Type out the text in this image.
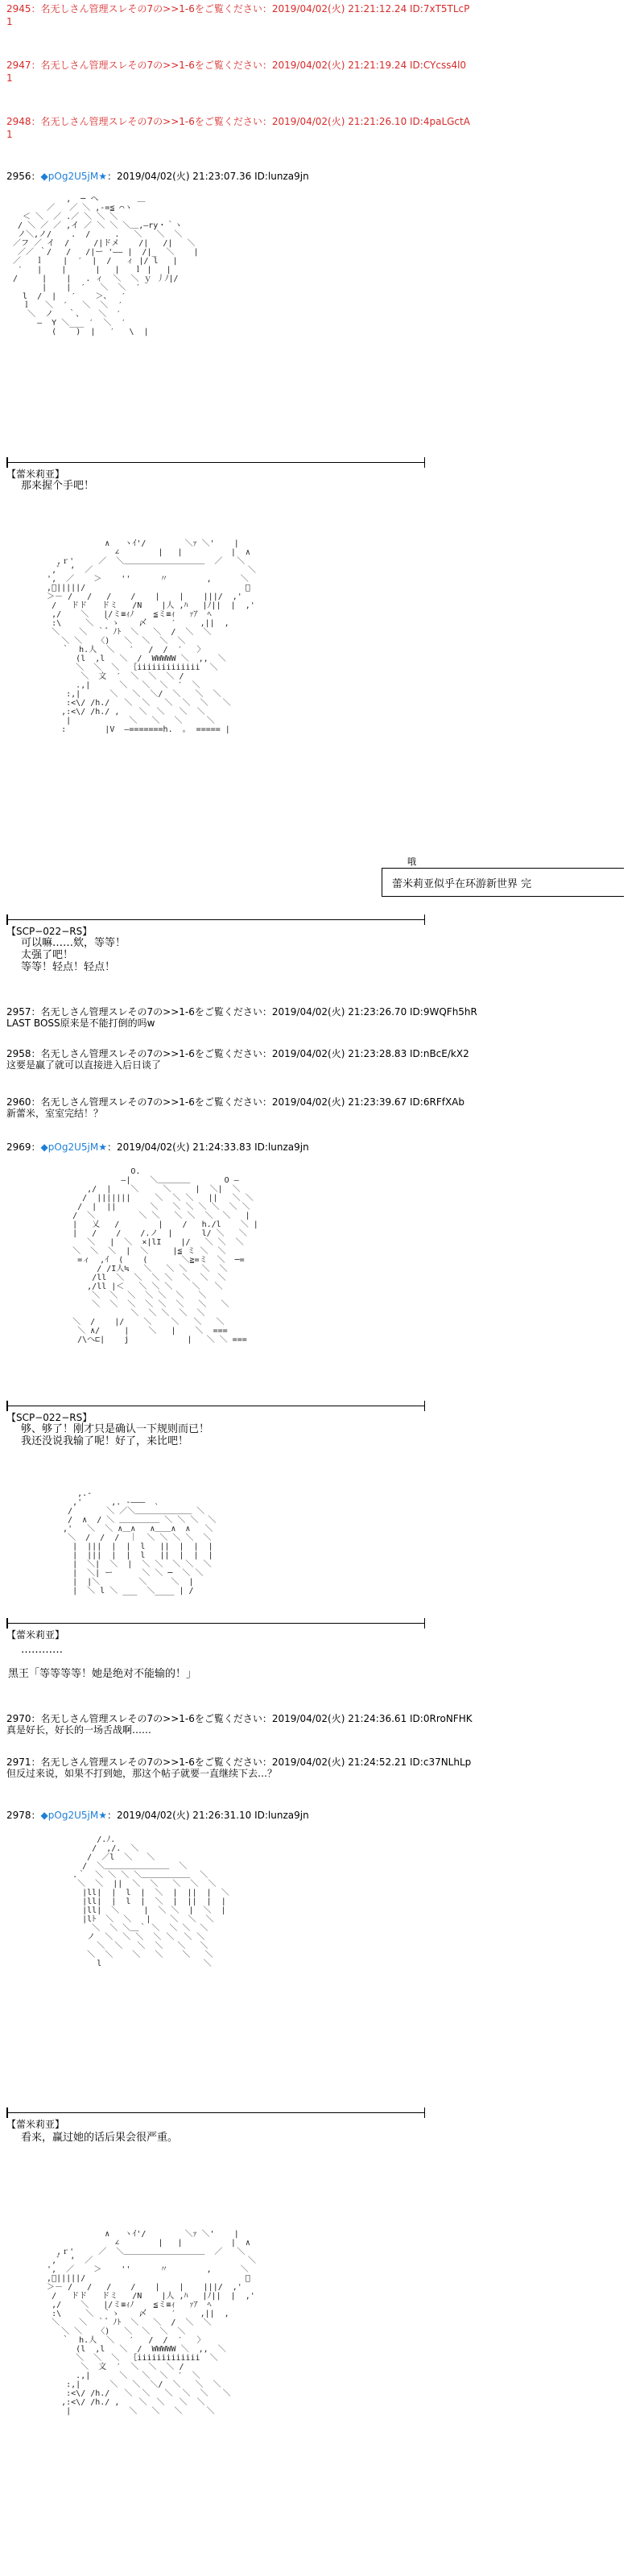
2945：名无しさん管理スレその7の>>1-6をご覧ください：2019/04/02(火) 21:21:12.24 ID:7xT5TLcP
1
2947：名无しさん管理スレその7の>>1-6をご覧ください：2019/04/02(火) 21:21:19.24 ID:CYcss4l0
1
2948：名无しさん管理スレその7の>>1-6をご覧ください：2019/04/02(火) 21:21:26.10 ID:4paLGctA
1
2956：◆pOg2U5jM★：2019/04/02(火) 21:23:07.36 ID:lunza9jn
,  ─ ヘ        ＿
／   ／ ＼ ,-=≦ ⌒ヽ
＜ ＼  ／ .／ ＼ ＼ ＼
/ ＼ ／ ／ ,イ ／ ＼ ＼ ＼＿,―ry・｀ヽ
ノ＼,ノ/    .  /     .   ＼   ＼  ＼
／フ ／ イ  /     /|ドメ    /|   /|   ＼
／／ ｀/   /   /|ー '―― |  /|_  ＼    |
／   ｌ    |  ′  |  /   ィ |/ l   |
′   |    |      |   |   ｌ |   |
/     |    |   . ィ  ＼  ＼ ｙ 丿ﾉ|/
|    |  ′   ＼  ＼  ′
l  /  |   ′    ＞、  ′
ｌ   ＼  ′   ＼  ＼  ′
＼  ノ   ｀、   ＼  ′
―  Y ＼___ ′  ＼  ′
(    )  |   ′   \  |

【蕾米莉亚】
那来握个手吧！
∧   ヽｲ'/        ＼ｧ ＼'    |
∠        |   |          |  ∧
,ｒ'     ／  ＼＿＿＿＿＿＿＿＿＿＿  ／   ＼
,ﾞ  ‘  ／                                ＼
',  ／    ＞    ''      〃        ,      ＼
,ﾞ|||||/                                 ＼
＞－ /   /   /    /    |    |    |||/  ,'
/   ドド   ドミ   /N    |人 ,ﾊ   |ﾉ||  |  ,'
,/    ＼   |/ミ≡ｨﾉ    ≦ミ≡ｨ   ｧｱ  ﾍ
:\     ＼  ｀ゝ    〆     ′     ,||  ,
＼    ＼  ｀゛ﾉﾄ  ＼   ＼  /  ＼  ＼
＼ ＼   〈)   ＼  ＼  ＼  ＼
｀  h.人  ＼   ′   /  /  ′   〉
(l  ,l   ＼  /  WWWWW ＼  ,,  ＼
＼  ＼  ＼  ｛iiiiiiiiiiiii  ＼
＼  文  ′  ＼  ＼  ＼ /
.,|      ＼   ＼  ＼  ′  ＼
:,|      ＼   ＼  ＼/  ＼   ＼  ＼
:<\/ /h./   ＼  ＼   ＼  ＼  ＼   ＼
,:<\/ /h./ ,    ＼  ＼   ＼  ＼
|            ＼   ＼   ＼     ＼
:        |V  ―=======h.  ｡  ===== |

哦
蕾米莉亚似乎在环游新世界 完
【SCP−022−RS】
可以嘛……欸，等等！
太强了吧！
等等！轻点！轻点！
2957：名无しさん管理スレその7の>>1-6をご覧ください：2019/04/02(火) 21:23:26.70 ID:9WQFh5hR
LAST BOSS原来是不能打倒的吗w
2958：名无しさん管理スレその7の>>1-6をご覧ください：2019/04/02(火) 21:23:28.83 ID:nBcE/kX2
这要是赢了就可以直接进入后日谈了
2960：名无しさん管理スレその7の>>1-6をご覧ください：2019/04/02(火) 21:23:39.67 ID:6RFfXAb
新蕾米，室室完结！？
2969：◆pOg2U5jM★：2019/04/02(火) 21:24:33.83 ID:lunza9jn
O.
―|    ＼＿＿＿＿       O ―
,/  |    ＼     ＼     |  ＼|  ＼
/  |||||||     ＼  ＼ ＼   ||   ＼ ＼
/  |  ||       ＼   ＼ ＼ ＼ ＼  ＼ ＼
/  ＼         ＼ ＼   ＼ ＼  ＼  ＼   |
|   乂   /        |    /   h./l    ＼ |
|   /    /    /.ノ  |      l/ ＼   ＼
＼   |  ＼  ×|lI    |/   ＼ ＼  ＼
＼  ＼  ＼  |  ＼     |≦ ミ ＼  ＼
=ィ  ,ｲ  (    (       ＼≧=ミ  ＼  ─=
/ /I人≒   ＼   ＼ ＼   ＼  ＼
/ll  ＼  ＼  ＼ ＼  ＼  ＼  ＼
,/ll |＜   ＼ ＼ ＼    ＼   ＼
＼  ＼  ＼  ＼ ＼  ＼   ＼
＼  ＼  ＼  ＼ ＼  ＼   ＼   ＼
＼  ＼ ＼  ＼  ＼
＼  /    |/    ＼    ＼   ＼   ＼
＼ ∧/     |    ＼   |    ＼  ===
/\へ⊏|    j            |   ＼ ＼ ===

【SCP−022−RS】
够、够了！刚才只是确认一下规则而已！
我还没说我输了呢！好了，来比吧！
,.-
,'      ,. -―――  ､
/       ＼ ／＼＿＿＿＿＿＿＿ ＼
/  ∧  / ＼ ＿＿＿＿＿ ＼ ＼ ＼  ＼
,'   ＼  ＼ ∧＿∧   ∧＿＿∧  ∧   ＼
＼  /  /  /  ｜  ＼ ＼ ＼ ＼  ＼
|  |||  |  |  l   ||  |  |  |
|  |||  |  |  l   ||  |  |  |
|  ＼|  ＼  |  ＼ ＼  ＼ ＼  ＼
|  ＼| ー      ＼ ＼ ─  ＼ ＼
|  |＼        ＼     ＼  |
|  ＼ l ＼ ___  ＼____ | /

【蕾米莉亚】
…………
黑王「等等等等！她是绝对不能输的！」
2970：名无しさん管理スレその7の>>1-6をご覧ください：2019/04/02(火) 21:24:36.61 ID:0RroNFHK
真是好长，好长的一场舌战啊……
2971：名无しさん管理スレその7の>>1-6をご覧ください：2019/04/02(火) 21:24:52.21 ID:c37NLhLp
但反过来说，如果不打到她，那这个帖子就要一直继续下去…？
2978：◆pOg2U5jM★：2019/04/02(火) 21:26:31.10 ID:lunza9jn
/.ﾉ.
/  ,/.  ＼
/  ／l  ＼   ＼
/  ＼＿＿＿＿＿＿＿＿  ＼
.｀  ＼ ＼ ＼ ＼＿＿＿＿＿＿  ＼
＼  ＼  ||  ＼  ＼   ＼  ＼  ＼
|ll|  |  l  |  ＼  |  ||  |  ＼
|ll|  |  l  |  ＼  |  ||  |  |
|ll|  ＼     |  ＼ ＼  |  ＼  |
|lﾄ  ＼  ＼   |    ＼  ＼  ＼
＼  ＼ ＼＿｀ ＼  ＼ ＼  ＼
ノ  ＼  ＼ ＼  ＼ ＼  ＼ ＼
＼  ＼   ＼  ＼   ＼   ＼
＼  ＼    ＼   ＼    ＼   ＼
l                     ＼

【蕾米莉亚】
看来，赢过她的话后果会很严重。
∧   ヽｲ'/        ＼ｧ ＼'    |
∠        |   |          |  ∧
,ｒ'     ／  ＼＿＿＿＿＿＿＿＿＿＿  ／   ＼
,ﾞ  ‘  ／                                ＼
',  ／    ＞    ''      〃        ,      ＼
,ﾞ|||||/                                 ＼
＞－ /   /   /    /    |    |    |||/  ,'
/   ドド   ドミ   /N    |人 ,ﾊ   |ﾉ||  |  ,'
,/    ＼   |/ミ≡ｨﾉ    ≦ミ≡ｨ   ｧｱ  ﾍ
:\     ＼  ｀ゝ    〆     ′     ,||  ,
＼    ＼  ｀゛ﾉﾄ  ＼   ＼  /  ＼  ＼
＼ ＼   〈)   ＼  ＼  ＼  ＼
｀  h.人  ＼   ′   /  /  ′   〉
(l  ,l   ＼  /  WWWWW ＼  ,,  ＼
＼  ＼  ＼  ｛iiiiiiiiiiiii  ＼
＼  文  ′  ＼  ＼  ＼ /
.,|      ＼   ＼  ＼  ′  ＼
:,|      ＼   ＼  ＼/  ＼   ＼  ＼
:<\/ /h./   ＼  ＼   ＼  ＼  ＼   ＼
,:<\/ /h./ ,    ＼  ＼   ＼  ＼
|            ＼   ＼   ＼     ＼
